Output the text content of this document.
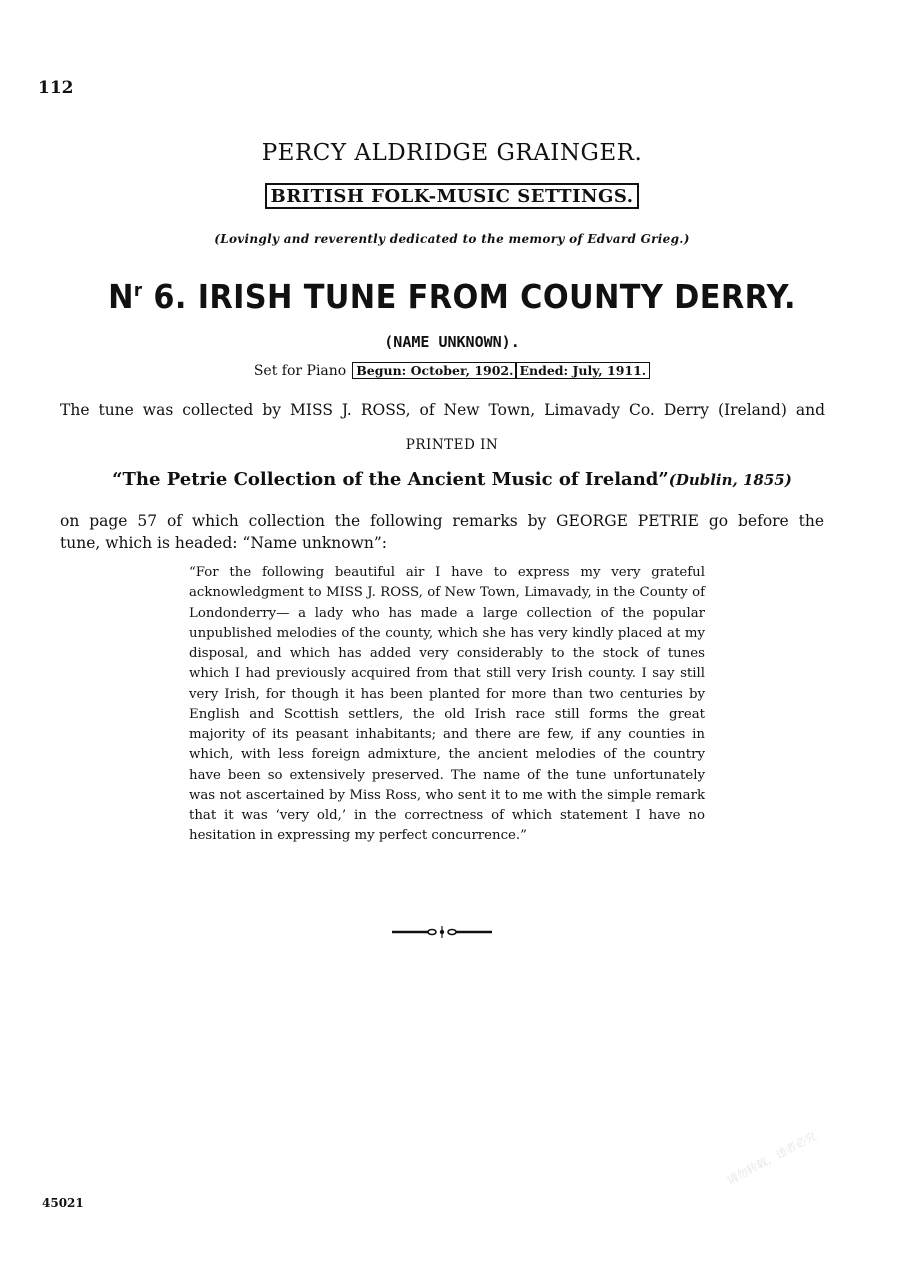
112
PERCY ALDRIDGE GRAINGER.
BRITISH FOLK-MUSIC SETTINGS.
(Lovingly and reverently dedicated to the memory of Edvard Grieg.)
$N^r$ 6. IRISH TUNE FROM COUNTY DERRY.
(NAME UNKNOWN).
Set for Piano Begun: October, 1902. Ended: July, 1911.
The tune was collected by MISS J. ROSS, of New Town, Limavady Co. Derry (Ireland) and
PRINTED IN
“The Petrie Collection of the Ancient Music of Ireland”(Dublin, 1855)
on page 57 of which collection the following remarks by GEORGE PETRIE go before the
tune, which is headed: “Name unknown”:
“For the following beautiful air I have to express my very grateful acknowledgment to MISS J. ROSS, of New Town, Limavady, in the County of Londonderry— a lady who has made a large collection of the popular unpublished melodies of the county, which she has very kindly placed at my disposal, and which has added very considerably to the stock of tunes which I had previously acquired from that still very Irish county. I say still very Irish, for though it has been planted for more than two centuries by English and Scottish settlers, the old Irish race still forms the great majority of its peasant inhabitants; and there are few, if any counties in which, with less foreign admixture, the ancient melodies of the country have been so extensively preserved. The name of the tune unfortunately was not ascertained by Miss Ross, who sent it to me with the simple remark that it was ‘very old,’ in the correctness of which statement I have no hesitation in expressing my perfect concurrence.”
45021
请勿转载，违者必究
